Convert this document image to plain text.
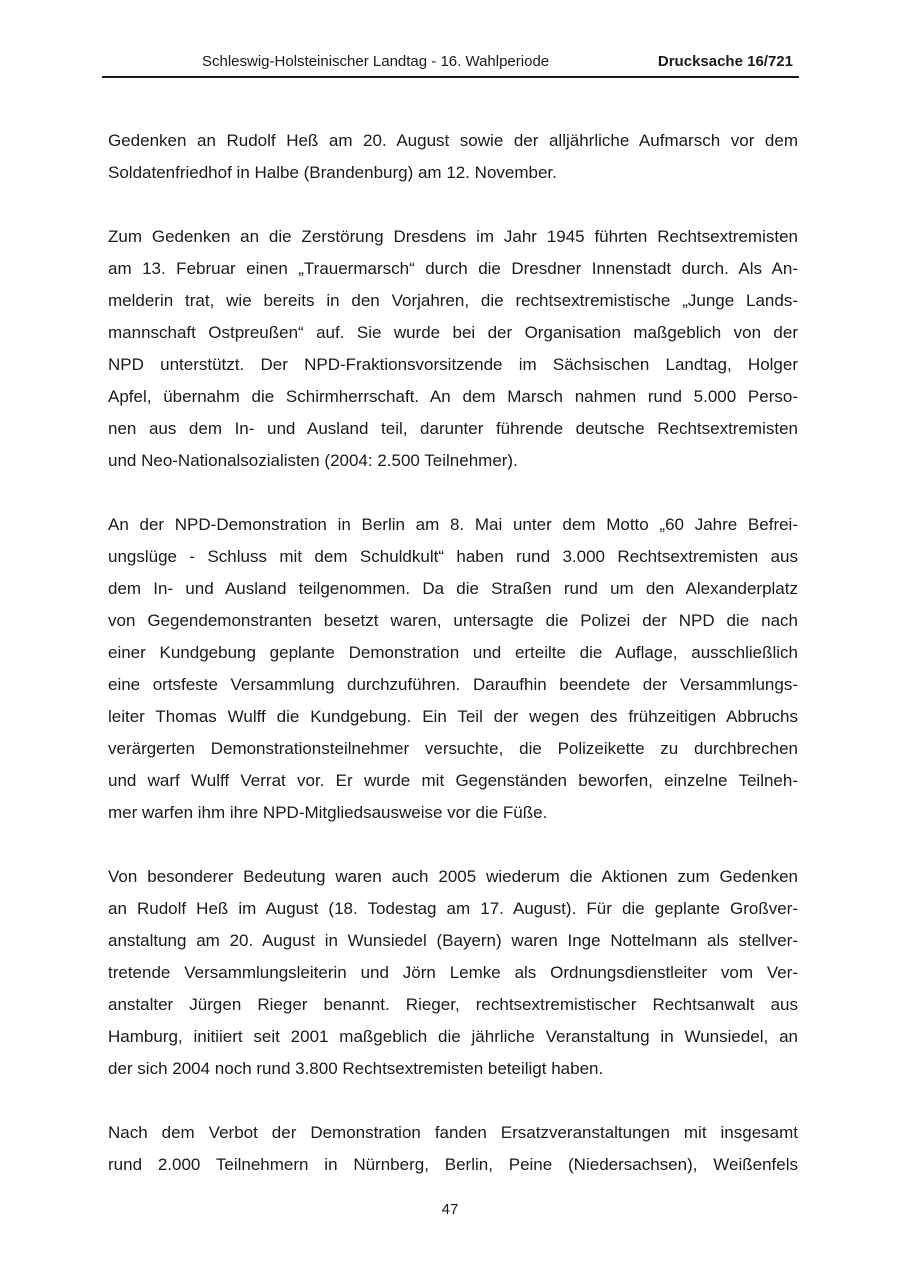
Schleswig-Holsteinischer Landtag - 16. Wahlperiode	Drucksache 16/721
Gedenken an Rudolf Heß am 20. August sowie der alljährliche Aufmarsch vor dem
Soldatenfriedhof in Halbe (Brandenburg) am 12. November.
Zum Gedenken an die Zerstörung Dresdens im Jahr 1945 führten Rechtsextremisten
am 13. Februar einen „Trauermarsch“ durch die Dresdner Innenstadt durch. Als An-
melderin trat, wie bereits in den Vorjahren, die rechtsextremistische „Junge Lands-
mannschaft Ostpreußen“ auf. Sie wurde bei der Organisation maßgeblich von der
NPD unterstützt. Der NPD-Fraktionsvorsitzende im Sächsischen Landtag, Holger
Apfel, übernahm die Schirmherrschaft. An dem Marsch nahmen rund 5.000 Perso-
nen aus dem In- und Ausland teil, darunter führende deutsche Rechtsextremisten
und Neo-Nationalsozialisten (2004: 2.500 Teilnehmer).
An der NPD-Demonstration in Berlin am 8. Mai unter dem Motto „60 Jahre Befrei-
ungslüge - Schluss mit dem Schuldkult“ haben rund 3.000 Rechtsextremisten aus
dem In- und Ausland teilgenommen. Da die Straßen rund um den Alexanderplatz
von Gegendemonstranten besetzt waren, untersagte die Polizei der NPD die nach
einer Kundgebung geplante Demonstration und erteilte die Auflage, ausschließlich
eine ortsfeste Versammlung durchzuführen. Daraufhin beendete der Versammlungs-
leiter Thomas Wulff die Kundgebung. Ein Teil der wegen des frühzeitigen Abbruchs
verärgerten Demonstrationsteilnehmer versuchte, die Polizeikette zu durchbrechen
und warf Wulff Verrat vor. Er wurde mit Gegenständen beworfen, einzelne Teilneh-
mer warfen ihm ihre NPD-Mitgliedsausweise vor die Füße.
Von besonderer Bedeutung waren auch 2005 wiederum die Aktionen zum Gedenken
an Rudolf Heß im August (18. Todestag am 17. August). Für die geplante Großver-
anstaltung am 20. August in Wunsiedel (Bayern) waren Inge Nottelmann als stellver-
tretende Versammlungsleiterin und Jörn Lemke als Ordnungsdienstleiter vom Ver-
anstalter Jürgen Rieger benannt. Rieger, rechtsextremistischer Rechtsanwalt aus
Hamburg, initiiert seit 2001 maßgeblich die jährliche Veranstaltung in Wunsiedel, an
der sich 2004 noch rund 3.800 Rechtsextremisten beteiligt haben.
Nach dem Verbot der Demonstration fanden Ersatzveranstaltungen mit insgesamt
rund 2.000 Teilnehmern in Nürnberg, Berlin, Peine (Niedersachsen), Weißenfels
47
